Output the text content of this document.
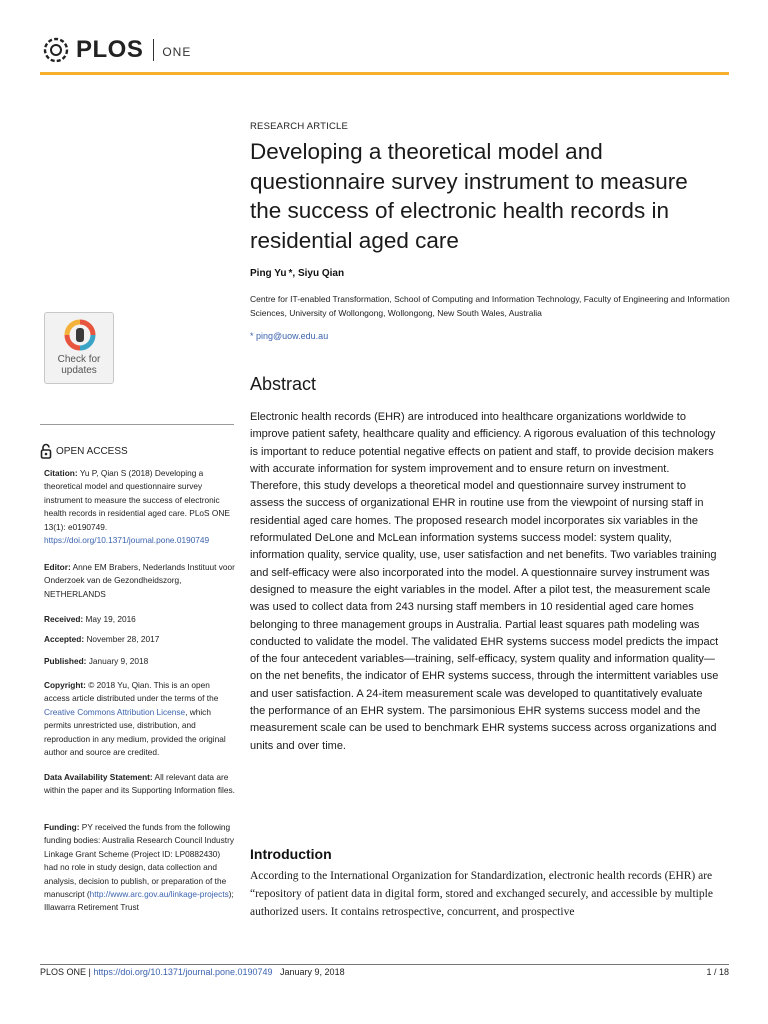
PLOS ONE
Check for
updates
OPEN ACCESS
Citation: Yu P, Qian S (2018) Developing a theoretical model and questionnaire survey instrument to measure the success of electronic health records in residential aged care. PLoS ONE 13(1): e0190749. https://doi.org/10.1371/journal.pone.0190749
Editor: Anne EM Brabers, Nederlands Instituut voor Onderzoek van de Gezondheidszorg, NETHERLANDS
Received: May 19, 2016
Accepted: November 28, 2017
Published: January 9, 2018
Copyright: © 2018 Yu, Qian. This is an open access article distributed under the terms of the Creative Commons Attribution License, which permits unrestricted use, distribution, and reproduction in any medium, provided the original author and source are credited.
Data Availability Statement: All relevant data are within the paper and its Supporting Information files.
Funding: PY received the funds from the following funding bodies: Australia Research Council Industry Linkage Grant Scheme (Project ID: LP0882430) had no role in study design, data collection and analysis, decision to publish, or preparation of the manuscript (http://www.arc.gov.au/linkage-projects); Illawarra Retirement Trust
RESEARCH ARTICLE
Developing a theoretical model and questionnaire survey instrument to measure the success of electronic health records in residential aged care
Ping Yu *, Siyu Qian
Centre for IT-enabled Transformation, School of Computing and Information Technology, Faculty of Engineering and Information Sciences, University of Wollongong, Wollongong, New South Wales, Australia
* ping@uow.edu.au
Abstract
Electronic health records (EHR) are introduced into healthcare organizations worldwide to improve patient safety, healthcare quality and efficiency. A rigorous evaluation of this technology is important to reduce potential negative effects on patient and staff, to provide decision makers with accurate information for system improvement and to ensure return on investment. Therefore, this study develops a theoretical model and questionnaire survey instrument to assess the success of organizational EHR in routine use from the viewpoint of nursing staff in residential aged care homes. The proposed research model incorporates six variables in the reformulated DeLone and McLean information systems success model: system quality, information quality, service quality, use, user satisfaction and net benefits. Two variables training and self-efficacy were also incorporated into the model. A questionnaire survey instrument was designed to measure the eight variables in the model. After a pilot test, the measurement scale was used to collect data from 243 nursing staff members in 10 residential aged care homes belonging to three management groups in Australia. Partial least squares path modeling was conducted to validate the model. The validated EHR systems success model predicts the impact of the four antecedent variables—training, self-efficacy, system quality and information quality—on the net benefits, the indicator of EHR systems success, through the intermittent variables use and user satisfaction. A 24-item measurement scale was developed to quantitatively evaluate the performance of an EHR system. The parsimonious EHR systems success model and the measurement scale can be used to benchmark EHR systems success across organizations and units and over time.
Introduction
According to the International Organization for Standardization, electronic health records (EHR) are “repository of patient data in digital form, stored and exchanged securely, and accessible by multiple authorized users. It contains retrospective, concurrent, and prospective
PLOS ONE | https://doi.org/10.1371/journal.pone.0190749 January 9, 2018	1 / 18
